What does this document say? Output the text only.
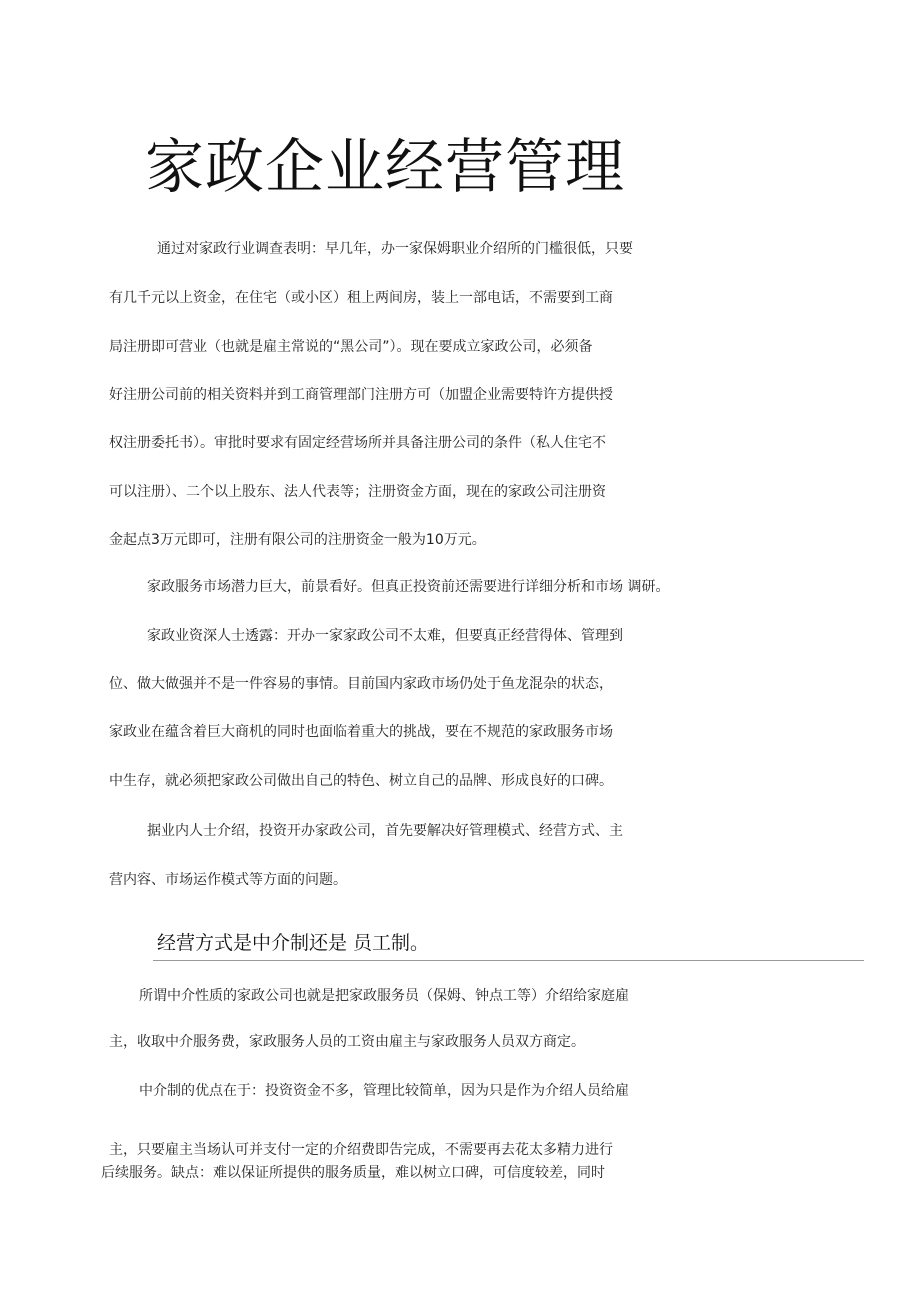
家政企业经营管理
通过对家政行业调查表明：早几年，办一家保姆职业介绍所的门槛很低，只要
有几千元以上资金，在住宅（或小区）租上两间房，装上一部电话，不需要到工商
局注册即可营业（也就是雇主常说的“黑公司”）。现在要成立家政公司，必须备
好注册公司前的相关资料并到工商管理部门注册方可（加盟企业需要特许方提供授
权注册委托书）。审批时要求有固定经营场所并具备注册公司的条件（私人住宅不
可以注册）、二个以上股东、法人代表等；注册资金方面，现在的家政公司注册资
金起点3万元即可，注册有限公司的注册资金一般为10万元。
家政服务市场潜力巨大，前景看好。但真正投资前还需要进行详细分析和市场 调研。
家政业资深人士透露：开办一家家政公司不太难，但要真正经营得体、管理到
位、做大做强并不是一件容易的事情。目前国内家政市场仍处于鱼龙混杂的状态，
家政业在蕴含着巨大商机的同时也面临着重大的挑战，要在不规范的家政服务市场
中生存，就必须把家政公司做出自己的特色、树立自己的品牌、形成良好的口碑。
据业内人士介绍，投资开办家政公司，首先要解决好管理模式、经营方式、主
营内容、市场运作模式等方面的问题。
经营方式是中介制还是 员工制。
所谓中介性质的家政公司也就是把家政服务员（保姆、钟点工等）介绍给家庭雇
主，收取中介服务费，家政服务人员的工资由雇主与家政服务人员双方商定。
中介制的优点在于：投资资金不多，管理比较简单，因为只是作为介绍人员给雇
主，只要雇主当场认可并支付一定的介绍费即告完成，不需要再去花太多精力进行
后续服务。缺点：难以保证所提供的服务质量，难以树立口碑，可信度较差，同时
